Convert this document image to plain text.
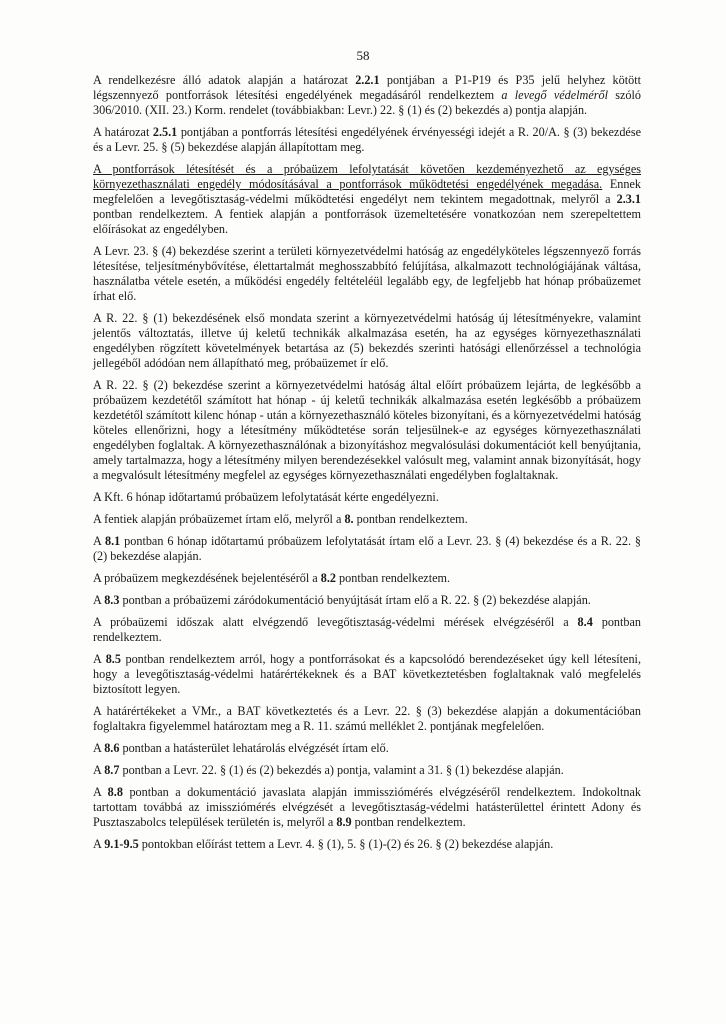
58

A rendelkezésre álló adatok alapján a határozat 2.2.1 pontjában a P1-P19 és P35 jelű helyhez kötött légszennyező pontforrások létesítési engedélyének megadásáról rendelkeztem a levegő védelméről szóló 306/2010. (XII. 23.) Korm. rendelet (továbbiakban: Levr.) 22. § (1) és (2) bekezdés a) pontja alapján.

A határozat 2.5.1 pontjában a pontforrás létesítési engedélyének érvényességi idejét a R. 20/A. § (3) bekezdése és a Levr. 25. § (5) bekezdése alapján állapítottam meg.

A pontforrások létesítését és a próbaüzem lefolytatását követően kezdeményezhető az egységes környezethasználati engedély módosításával a pontforrások működtetési engedélyének megadása. Ennek megfelelően a levegőtisztaság-védelmi működtetési engedélyt nem tekintem megadottnak, melyről a 2.3.1 pontban rendelkeztem. A fentiek alapján a pontforrások üzemeltetésére vonatkozóan nem szerepeltettem előírásokat az engedélyben.

A Levr. 23. § (4) bekezdése szerint a területi környezetvédelmi hatóság az engedélyköteles légszennyező forrás létesítése, teljesítménybővítése, élettartalmát meghosszabbító felújítása, alkalmazott technológiájának váltása, használatba vétele esetén, a működési engedély feltételéül legalább egy, de legfeljebb hat hónap próbaüzemet írhat elő.

A R. 22. § (1) bekezdésének első mondata szerint a környezetvédelmi hatóság új létesítményekre, valamint jelentős változtatás, illetve új keletű technikák alkalmazása esetén, ha az egységes környezethasználati engedélyben rögzített követelmények betartása az (5) bekezdés szerinti hatósági ellenőrzéssel a technológia jellegéből adódóan nem állapítható meg, próbaüzemet ír elő.

A R. 22. § (2) bekezdése szerint a környezetvédelmi hatóság által előírt próbaüzem lejárta, de legkésőbb a próbaüzem kezdetétől számított hat hónap - új keletű technikák alkalmazása esetén legkésőbb a próbaüzem kezdetétől számított kilenc hónap - után a környezethasználó köteles bizonyítani, és a környezetvédelmi hatóság köteles ellenőrizni, hogy a létesítmény működtetése során teljesülnek-e az egységes környezethasználati engedélyben foglaltak. A környezethasználónak a bizonyításhoz megvalósulási dokumentációt kell benyújtania, amely tartalmazza, hogy a létesítmény milyen berendezésekkel valósult meg, valamint annak bizonyítását, hogy a megvalósult létesítmény megfelel az egységes környezethasználati engedélyben foglaltaknak.

A Kft. 6 hónap időtartamú próbaüzem lefolytatását kérte engedélyezni.

A fentiek alapján próbaüzemet írtam elő, melyről a 8. pontban rendelkeztem.

A 8.1 pontban 6 hónap időtartamú próbaüzem lefolytatását írtam elő a Levr. 23. § (4) bekezdése és a R. 22. § (2) bekezdése alapján.

A próbaüzem megkezdésének bejelentéséről a 8.2 pontban rendelkeztem.

A 8.3 pontban a próbaüzemi záródokumentáció benyújtását írtam elő a R. 22. § (2) bekezdése alapján.

A próbaüzemi időszak alatt elvégzendő levegőtisztaság-védelmi mérések elvégzéséről a 8.4 pontban rendelkeztem.

A 8.5 pontban rendelkeztem arról, hogy a pontforrásokat és a kapcsolódó berendezéseket úgy kell létesíteni, hogy a levegőtisztaság-védelmi határértékeknek és a BAT következtetésben foglaltaknak való megfelelés biztosított legyen.

A határértékeket a VMr., a BAT következtetés és a Levr. 22. § (3) bekezdése alapján a dokumentációban foglaltakra figyelemmel határoztam meg a R. 11. számú melléklet 2. pontjának megfelelően.

A 8.6 pontban a hatásterület lehatárolás elvégzését írtam elő.

A 8.7 pontban a Levr. 22. § (1) és (2) bekezdés a) pontja, valamint a 31. § (1) bekezdése alapján.

A 8.8 pontban a dokumentáció javaslata alapján immissziómérés elvégzéséről rendelkeztem. Indokoltnak tartottam továbbá az imissziómérés elvégzését a levegőtisztaság-védelmi hatásterülettel érintett Adony és Pusztaszabolcs települések területén is, melyről a 8.9 pontban rendelkeztem.

A 9.1-9.5 pontokban előírást tettem a Levr. 4. § (1), 5. § (1)-(2) és 26. § (2) bekezdése alapján.
